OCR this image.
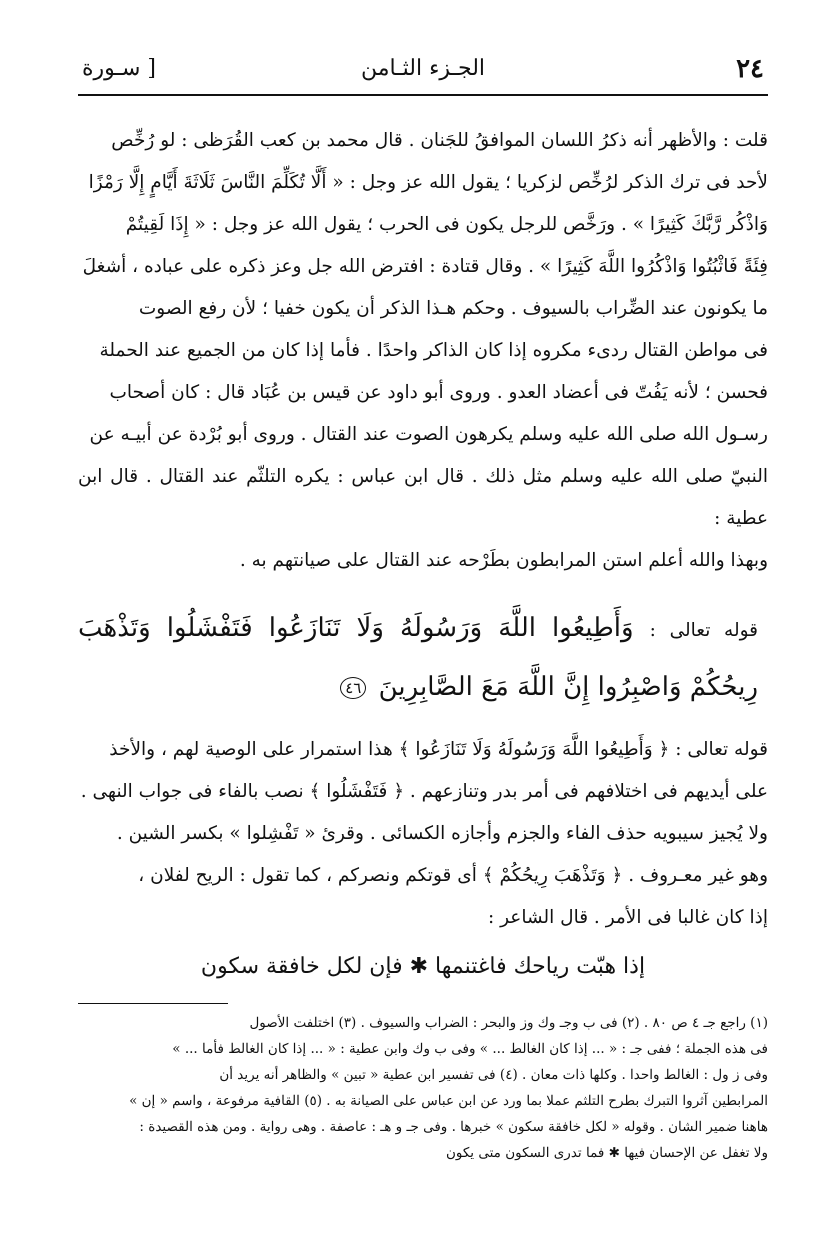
٢٤
الجـزء الثـامن
[ سـورة

قلت : والأظهر أنه ذكرُ اللسان الموافقُ للجَنان . قال محمد بن كعب القُرَظى : لو رُخِّص

لأحد فى ترك الذكر لرُخِّص لزكريا ؛ يقول الله عز وجل : « أَلَّا تُكَلِّمَ النَّاسَ ثَلَاثَةَ أَيَّامٍ إِلَّا رَمْزًا

وَاذْكُر رَّبَّكَ كَثِيرًا » . ورَخَّص للرجل يكون فى الحرب ؛ يقول الله عز وجل : « إِذَا لَقِيتُمْ

فِئَةً فَاثْبُتُوا وَاذْكُرُوا اللَّهَ كَثِيرًا » . وقال قتادة : افترض الله جل وعز ذكره على عباده ، أشغلَ

ما يكونون عند الضِّراب بالسيوف . وحكم هـذا الذكر أن يكون خفيا ؛ لأن رفع الصوت

فى مواطن القتال ردىء مكروه إذا كان الذاكر واحدًا . فأما إذا كان من الجميع عند الحملة

فحسن ؛ لأنه يَفُتّ فى أعضاد العدو . وروى أبو داود عن قيس بن عُبَاد قال : كان أصحاب

رسـول الله صلى الله عليه وسلم يكرهون الصوت عند القتال . وروى أبو بُرْدة عن أبيـه عن

النبيّ صلى الله عليه وسلم مثل ذلك . قال ابن عباس : يكره التلثّم عند القتال . قال ابن عطية :

وبهذا والله أعلم استن المرابطون بطَرْحه عند القتال على صيانتهم به .

قوله تعالى : وَأَطِيعُوا اللَّهَ وَرَسُولَهُ وَلَا تَنَازَعُوا فَتَفْشَلُوا وَتَذْهَبَ رِيحُكُمْ وَاصْبِرُوا إِنَّ اللَّهَ مَعَ الصَّابِرِينَ ٤٦

قوله تعالى : ﴿ وَأَطِيعُوا اللَّهَ وَرَسُولَهُ وَلَا تَنَازَعُوا ﴾ هذا استمرار على الوصية لهم ، والأخذ

على أيديهم فى اختلافهم فى أمر بدر وتنازعهم . ﴿ فَتَفْشَلُوا ﴾ نصب بالفاء فى جواب النهى .

ولا يُجيز سيبويه حذف الفاء والجزم وأجازه الكسائى . وقرئ « تَفْشِلوا » بكسر الشين .

وهو غير معـروف . ﴿ وَتَذْهَبَ رِيحُكُمْ ﴾ أى قوتكم ونصركم ، كما تقول : الريح لفلان ،

إذا كان غالبا فى الأمر . قال الشاعر :

إذا هبّت رياحك فاغتنمها ✱ فإن لكل خافقة سكون

(١) راجع جـ ٤ ص ٨٠ . (٢) فى ب وجـ وك وز والبحر : الضراب والسيوف . (٣) اختلفت الأصول

فى هذه الجملة ؛ ففى جـ : « ... إذا كان الغالط ... » وفى ب وك وابن عطية : « ... إذا كان الغالط فأما ... »

وفى ز ول : الغالط واحدا . وكلها ذات معان . (٤) فى تفسير ابن عطية « تبين » والظاهر أنه يريد أن

المرابطين آثروا التبرك بطرح التلثم عملا بما ورد عن ابن عباس على الصيانة به . (٥) القافية مرفوعة ، واسم « إن »

هاهنا ضمير الشان . وقوله « لكل خافقة سكون » خبرها . وفى جـ و هـ : عاصفة . وهى رواية . ومن هذه القصيدة :

ولا تغفل عن الإحسان فيها ✱ فما تدرى السكون متى يكون
